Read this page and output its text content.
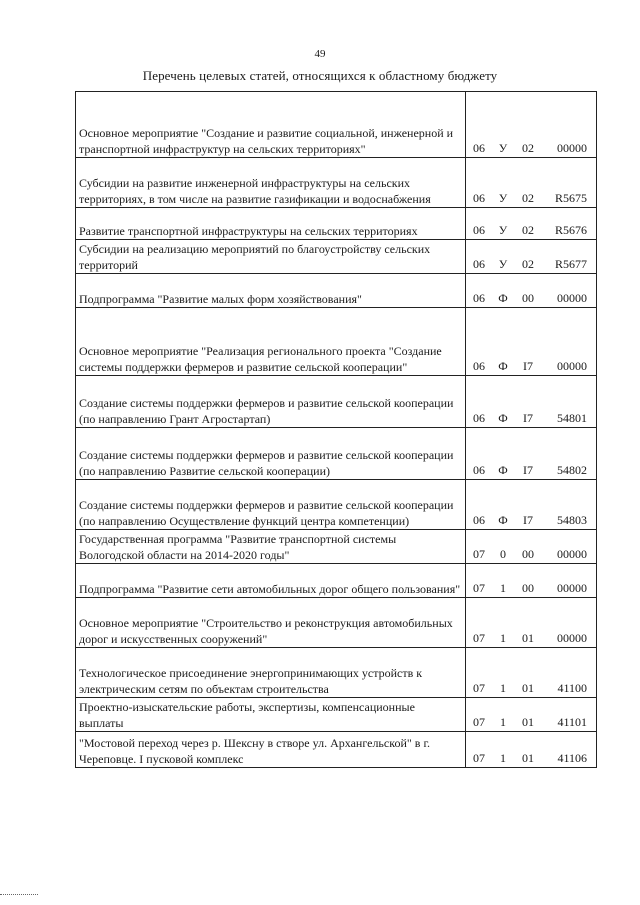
49
Перечень целевых статей, относящихся к областному бюджету
Основное мероприятие "Создание и развитие социальной, инженерной и транспортной инфраструктур на сельских территориях"	06 У 02 00000

Субсидии на развитие инженерной инфраструктуры на сельских территориях, в том числе на развитие газификации и водоснабжения	06 У 02 R5675

Развитие транспортной инфраструктуры на сельских территориях	06 У 02 R5676

Субсидии на реализацию мероприятий по благоустройству сельских территорий	06 У 02 R5677

Подпрограмма "Развитие малых форм хозяйствования"	06 Ф 00 00000

Основное мероприятие "Реализация регионального проекта "Создание системы поддержки фермеров и развитие сельской кооперации"	06 Ф I7 00000

Создание системы поддержки фермеров и развитие сельской кооперации (по направлению Грант Агростартап)	06 Ф I7 54801

Создание системы поддержки фермеров и развитие сельской кооперации (по направлению Развитие сельской кооперации)	06 Ф I7 54802

Создание системы поддержки фермеров и развитие сельской кооперации (по направлению Осуществление функций центра компетенции)	06 Ф I7 54803

Государственная программа "Развитие транспортной системы Вологодской области на 2014-2020 годы"	07 0 00 00000

Подпрограмма "Развитие сети автомобильных дорог общего пользования"	07 1 00 00000

Основное мероприятие "Строительство и реконструкция автомобильных дорог и искусственных сооружений"	07 1 01 00000

Технологическое присоединение энергопринимающих устройств к электрическим сетям по объектам строительства	07 1 01 41100

Проектно-изыскательские работы, экспертизы, компенсационные выплаты	07 1 01 41101

"Мостовой переход через р. Шексну в створе ул. Архангельской" в г. Череповце. I пусковой комплекс	07 1 01 41106
